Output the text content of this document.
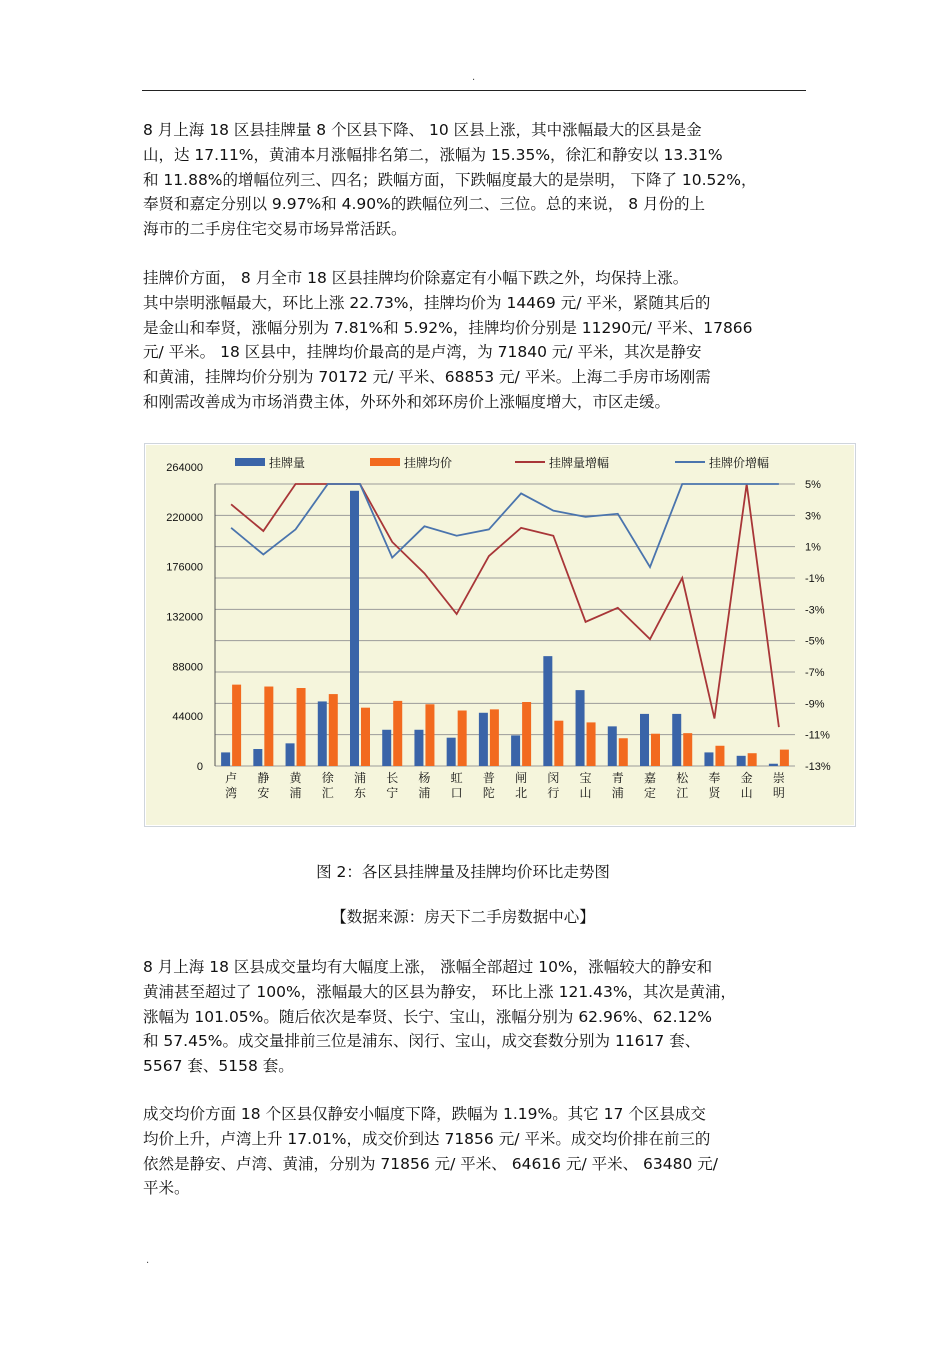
.

8 月上海 18 区县挂牌量 8 个区县下降、 10 区县上涨，其中涨幅最大的区县是金
山，达 17.11%，黄浦本月涨幅排名第二，涨幅为 15.35%，徐汇和静安以 13.31%
和 11.88%的增幅位列三、四名；跌幅方面，下跌幅度最大的是崇明， 下降了 10.52%，
奉贤和嘉定分别以 9.97%和 4.90%的跌幅位列二、三位。总的来说， 8 月份的上
海市的二手房住宅交易市场异常活跃。

挂牌价方面， 8 月全市 18 区县挂牌均价除嘉定有小幅下跌之外，均保持上涨。
其中崇明涨幅最大，环比上涨 22.73%，挂牌均价为 14469 元/ 平米，紧随其后的
是金山和奉贤，涨幅分别为 7.81%和 5.92%，挂牌均价分别是 11290元/ 平米、17866
元/ 平米。 18 区县中，挂牌均价最高的是卢湾，为 71840 元/ 平米，其次是静安
和黄浦，挂牌均价分别为 70172 元/ 平米、68853 元/ 平米。上海二手房市场刚需
和刚需改善成为市场消费主体，外环外和郊环房价上涨幅度增大，市区走缓。

264000
220000
176000
132000
88000
44000
0
5%
3%
1%
-1%
-3%
-5%
-7%
-9%
-11%
-13%
卢
湾
静
安
黄
浦
徐
汇
浦
东
长
宁
杨
浦
虹
口
普
陀
闸
北
闵
行
宝
山
青
浦
嘉
定
松
江
奉
贤
金
山
崇
明
挂牌量	挂牌均价	挂牌量增幅	挂牌价增幅

图 2：各区县挂牌量及挂牌均价环比走势图

【数据来源：房天下二手房数据中心】

8 月上海 18 区县成交量均有大幅度上涨， 涨幅全部超过 10%，涨幅较大的静安和
黄浦甚至超过了 100%，涨幅最大的区县为静安， 环比上涨 121.43%，其次是黄浦，
涨幅为 101.05%。随后依次是奉贤、长宁、宝山，涨幅分别为 62.96%、62.12%
和 57.45%。成交量排前三位是浦东、闵行、宝山，成交套数分别为 11617 套、
5567 套、5158 套。

成交均价方面 18 个区县仅静安小幅度下降，跌幅为 1.19%。其它 17 个区县成交
均价上升，卢湾上升 17.01%，成交价到达 71856 元/ 平米。成交均价排在前三的
依然是静安、卢湾、黄浦，分别为 71856 元/ 平米、 64616 元/ 平米、 63480 元/
平米。

.
